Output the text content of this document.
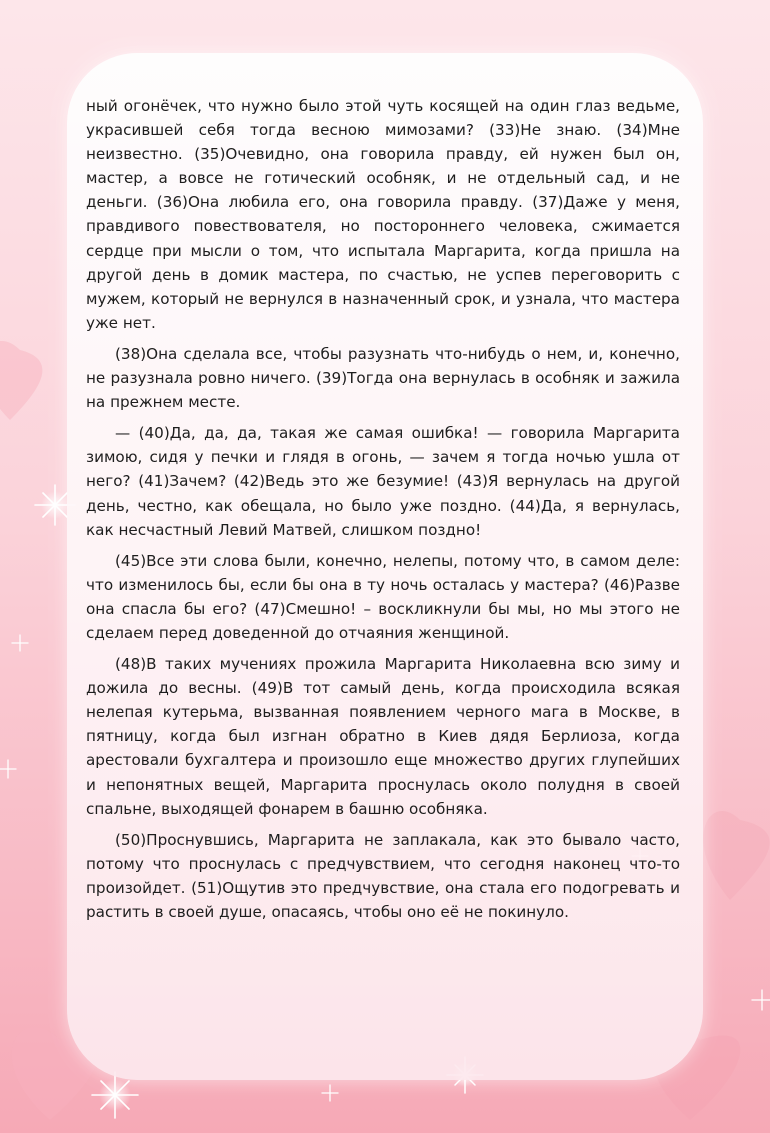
ный огонёчек, что нужно было этой чуть косящей на один глаз ведьме, украсившей себя тогда весною мимозами? (33)Не знаю. (34)Мне неизвестно. (35)Очевидно, она говорила правду, ей нужен был он, мастер, а вовсе не готический особняк, и не отдельный сад, и не деньги. (36)Она любила его, она говорила правду. (37)Даже у меня, правдивого повествователя, но постороннего человека, сжимается сердце при мысли о том, что испытала Маргарита, когда пришла на другой день в домик мастера, по счастью, не успев переговорить с мужем, который не вернулся в назначенный срок, и узнала, что мастера уже нет.

(38)Она сделала все, чтобы разузнать что-нибудь о нем, и, конечно, не разузнала ровно ничего. (39)Тогда она вернулась в особняк и зажила на прежнем месте.

— (40)Да, да, да, такая же самая ошибка! — говорила Маргарита зимою, сидя у печки и глядя в огонь, — зачем я тогда ночью ушла от него? (41)Зачем? (42)Ведь это же безумие! (43)Я вернулась на другой день, честно, как обещала, но было уже поздно. (44)Да, я вернулась, как несчастный Левий Матвей, слишком поздно!

(45)Все эти слова были, конечно, нелепы, потому что, в самом деле: что изменилось бы, если бы она в ту ночь осталась у мастера? (46)Разве она спасла бы его? (47)Смешно! – воскликнули бы мы, но мы этого не сделаем перед доведенной до отчаяния женщиной.

(48)В таких мучениях прожила Маргарита Николаевна всю зиму и дожила до весны. (49)В тот самый день, когда происходила всякая нелепая кутерьма, вызванная появлением черного мага в Москве, в пятницу, когда был изгнан обратно в Киев дядя Берлиоза, когда арестовали бухгалтера и произошло еще множество других глупейших и непонятных вещей, Маргарита проснулась около полудня в своей спальне, выходящей фонарем в башню особняка.

(50)Проснувшись, Маргарита не заплакала, как это бывало часто, потому что проснулась с предчувствием, что сегодня наконец что-то произойдет. (51)Ощутив это предчувствие, она стала его подогревать и растить в своей душе, опасаясь, чтобы оно её не покинуло.
